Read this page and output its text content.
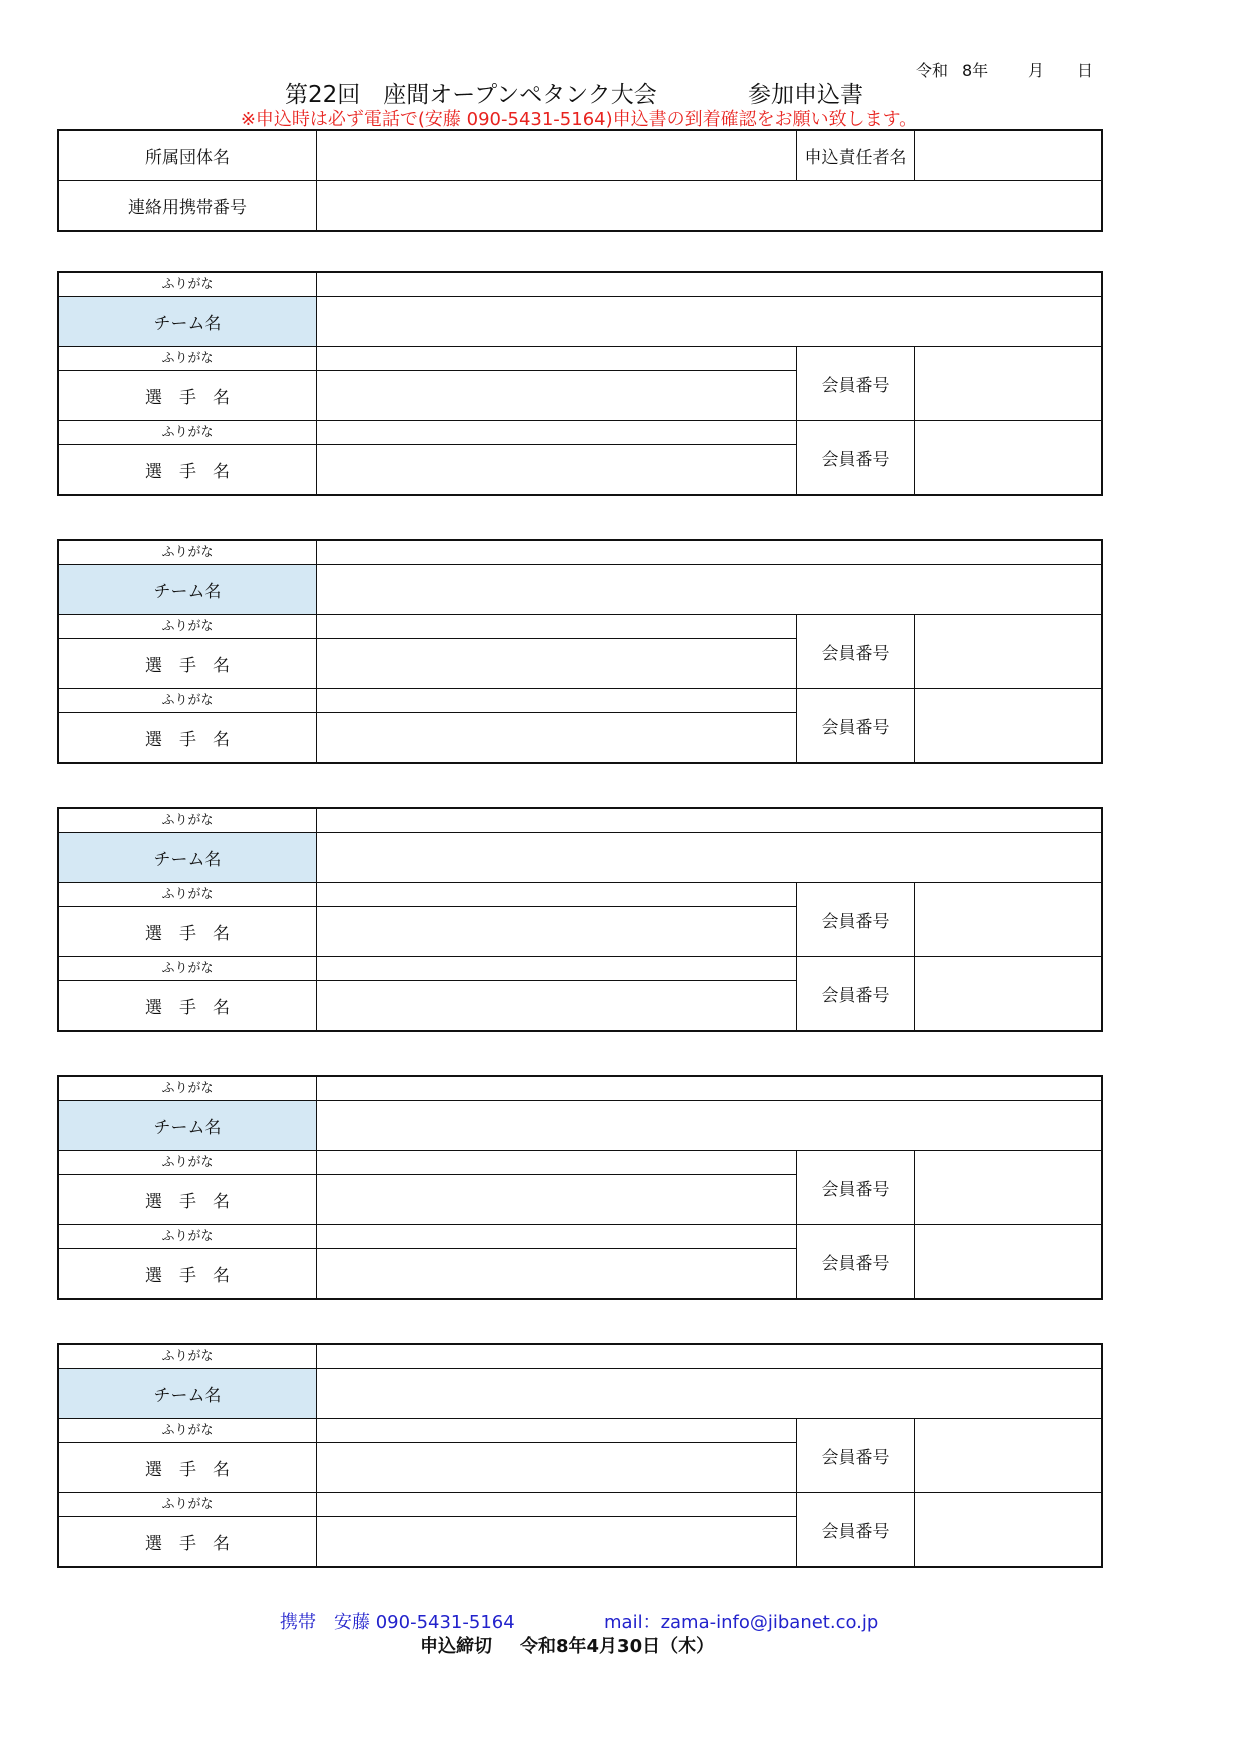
令和 8年 月 日
第22回　座間オープンペタンク大会	参加申込書
※申込時は必ず電話で(安藤 090-5431-5164)申込書の到着確認をお願い致します。
所属団体名		申込責任者名	
連絡用携帯番号			
ふりがな			
チーム名			
ふりがな		会員番号	
選　手　名			
ふりがな		会員番号	
選　手　名			
ふりがな			
チーム名			
ふりがな		会員番号	
選　手　名			
ふりがな		会員番号	
選　手　名			
ふりがな			
チーム名			
ふりがな		会員番号	
選　手　名			
ふりがな		会員番号	
選　手　名			
ふりがな			
チーム名			
ふりがな		会員番号	
選　手　名			
ふりがな		会員番号	
選　手　名			
ふりがな			
チーム名			
ふりがな		会員番号	
選　手　名			
ふりがな		会員番号	
選　手　名			
携帯　安藤 090-5431-5164	mail：zama-info@jibanet.co.jp
申込締切 令和8年4月30日（木）
